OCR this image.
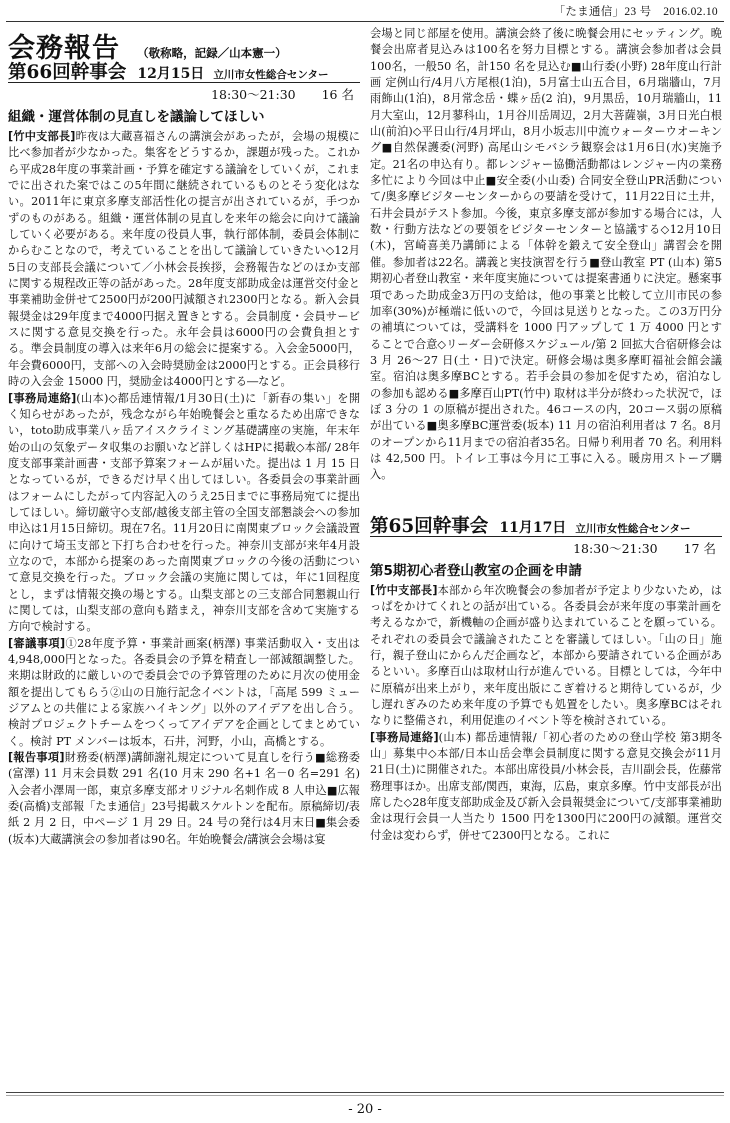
「たま通信」23 号　2016.02.10
会務報告 （敬称略，記録／山本憲一）
第66回幹事会 12月15日 立川市女性総合センター
18:30～21:30 16 名
組織・運営体制の見直しを議論してほしい

[竹中支部長]昨夜は大蔵喜福さんの講演会があったが，会場の規模に比べ参加者が少なかった。集客をどうするか，課題が残った。これから平成28年度の事業計画・予算を確定する議論をしていくが，これまでに出された案ではこの5年間に継続されているものとそう変化はない。2011年に東京多摩支部活性化の提言が出されているが，手つかずのものがある。組織・運営体制の見直しを来年の総会に向けて議論していく必要がある。来年度の役員人事，執行部体制，委員会体制にからむことなので，考えていることを出して議論していきたい◇12月5日の支部長会議について／小林会長挨拶，会務報告などのほか支部に関する規程改正等の話があった。28年度支部助成金は運営交付金と事業補助金併せて2500円が200円減額され2300円となる。新入会員報奨金は29年度まで4000円据え置きとする。会員制度・会員サービスに関する意見交換を行った。永年会員は6000円の会費負担とする。準会員制度の導入は来年6月の総会に提案する。入会金5000円，年会費6000円，支部への入会時奨励金は2000円とする。正会員移行時の入会金 15000 円，奨励金は4000円とする―など。

[事務局連絡](山本)◇都岳連情報/1月30日(土)に「新春の集い」を開く知らせがあったが，残念ながら年始晩餐会と重なるため出席できない，toto助成事業八ヶ岳アイスクライミング基礎講座の実施，年末年始の山の気象データ収集のお願いなど詳しくはHPに掲載◇本部/ 28年度支部事業計画書・支部予算案フォームが届いた。提出は 1 月 15 日となっているが，できるだけ早く出してほしい。各委員会の事業計画はフォームにしたがって内容記入のうえ25日までに事務局宛てに提出してほしい。締切厳守◇支部/越後支部主管の全国支部懇談会への参加申込は1月15日締切。現在7名。11月20日に南関東ブロック会議設置に向けて埼玉支部と下打ち合わせを行った。神奈川支部が来年4月設立なので，本部から提案のあった南関東ブロックの今後の活動について意見交換を行った。ブロック会議の実施に関しては，年に1回程度とし，まずは情報交換の場とする。山梨支部との三支部合同懇親山行に関しては，山梨支部の意向も踏まえ，神奈川支部を含めて実施する方向で検討する。

[審議事項]①28年度予算・事業計画案(柄澤) 事業活動収入・支出は4,948,000円となった。各委員会の予算を精査し一部減額調整した。来期は財政的に厳しいので委員会での予算管理のために月次の使用金額を提出してもらう②山の日施行記念イベントは，「高尾 599 ミュージアムとの共催による家族ハイキング」以外のアイデアを出し合う。検討プロジェクトチームをつくってアイデアを企画としてまとめていく。検討 PT メンバーは坂本，石井，河野，小山，高橋とする。

[報告事項]財務委(柄澤)講師謝礼規定について見直しを行う■総務委(富澤) 11 月末会員数 291 名(10 月末 290 名+1 名－0 名=291 名)入会者小澤周一郎，東京多摩支部オリジナル名刺作成 8 人申込■広報委(高橋)支部報「たま通信」23号掲載スケルトンを配布。原稿締切/表紙 2 月 2 日，中ページ 1 月 29 日。24 号の発行は4月末日■集会委(坂本)大蔵講演会の参加者は90名。年始晩餐会/講演会会場は宴

会場と同じ部屋を使用。講演会終了後に晩餐会用にセッティング。晩餐会出席者見込みは100名を努力目標とする。講演会参加者は会員100名，一般50 名，計150 名を見込む■山行委(小野) 28年度山行計画 定例山行/4月八方尾根(1泊)，5月富士山五合目，6月瑞牆山，7月雨飾山(1泊)，8月常念岳・蝶ヶ岳(2 泊)，9月黒岳，10月瑞牆山，11月大室山，12月蓼科山，1月谷川岳周辺，2月大菩薩嶺，3月日光白根山(前泊)◇平日山行/4月坪山，8月小坂志川中流ウォーターウオーキング■自然保護委(河野) 高尾山シモバシラ観察会は1月6日(水)実施予定。21名の申込有り。都レンジャー協働活動都はレンジャー内の業務多忙により今回は中止■安全委(小山委) 合同安全登山PR活動について/奥多摩ビジターセンターからの要請を受けて，11月22日に土井，石井会員がテスト参加。今後，東京多摩支部が参加する場合には，人数・行動方法などの要領をビジターセンターと協議する◇12月10日(木)，宮崎喜美乃講師による「体幹を鍛えて安全登山」講習会を開催。参加者は22名。講義と実技演習を行う■登山教室 PT (山本) 第5期初心者登山教室・来年度実施については提案書通りに決定。懸案事項であった助成金3万円の支給は，他の事業と比較して立川市民の参加率(30%)が極端に低いので，今回は見送りとなった。この3万円分の補填については，受講料を 1000 円アップして 1 万 4000 円とすることで合意◇リーダー会研修スケジュール/第 2 回拡大合宿研修会は 3 月 26～27 日(土・日)で決定。研修会場は奥多摩町福祉会館会議室。宿泊は奥多摩BCとする。若手会員の参加を促すため，宿泊なしの参加も認める■多摩百山PT(竹中) 取材は半分が終わった状況で，ほぼ 3 分の 1 の原稿が提出された。46コースの内，20コース弱の原稿が出ている■奥多摩BC運営委(坂本) 11 月の宿泊利用者は 7 名。8月のオープンから11月までの宿泊者35名。日帰り利用者 70 名。利用料は 42,500 円。トイレ工事は今月に工事に入る。暖房用ストーブ購入。

第65回幹事会 11月17日 立川市女性総合センター
18:30～21:30 17 名
第5期初心者登山教室の企画を申請

[竹中支部長]本部から年次晩餐会の参加者が予定より少ないため，はっぱをかけてくれとの話が出ている。各委員会が来年度の事業計画を考えるなかで，新機軸の企画が盛り込まれていることを願っている。それぞれの委員会で議論されたことを審議してほしい。「山の日」施行，親子登山にからんだ企画など，本部から要請されている企画があるといい。多摩百山は取材山行が進んでいる。目標としては，今年中に原稿が出来上がり，来年度出版にこぎ着けると期待しているが，少し遅れぎみのため来年度の予算でも処置をしたい。奥多摩BCはそれなりに整備され，利用促進のイベント等を検討されている。

[事務局連絡](山本) 都岳連情報/「初心者のための登山学校 第3期冬山」募集中◇本部/日本山岳会準会員制度に関する意見交換会が11月21日(土)に開催された。本部出席役員/小林会長，吉川副会長，佐藤常務理事ほか。出席支部/関西，東海，広島，東京多摩。竹中支部長が出席した◇28年度支部助成金及び新入会員報奨金について/支部事業補助金は現行会員一人当たり 1500 円を1300円に200円の減額。運営交付金は変わらず，併せて2300円となる。これに

- 20 -
